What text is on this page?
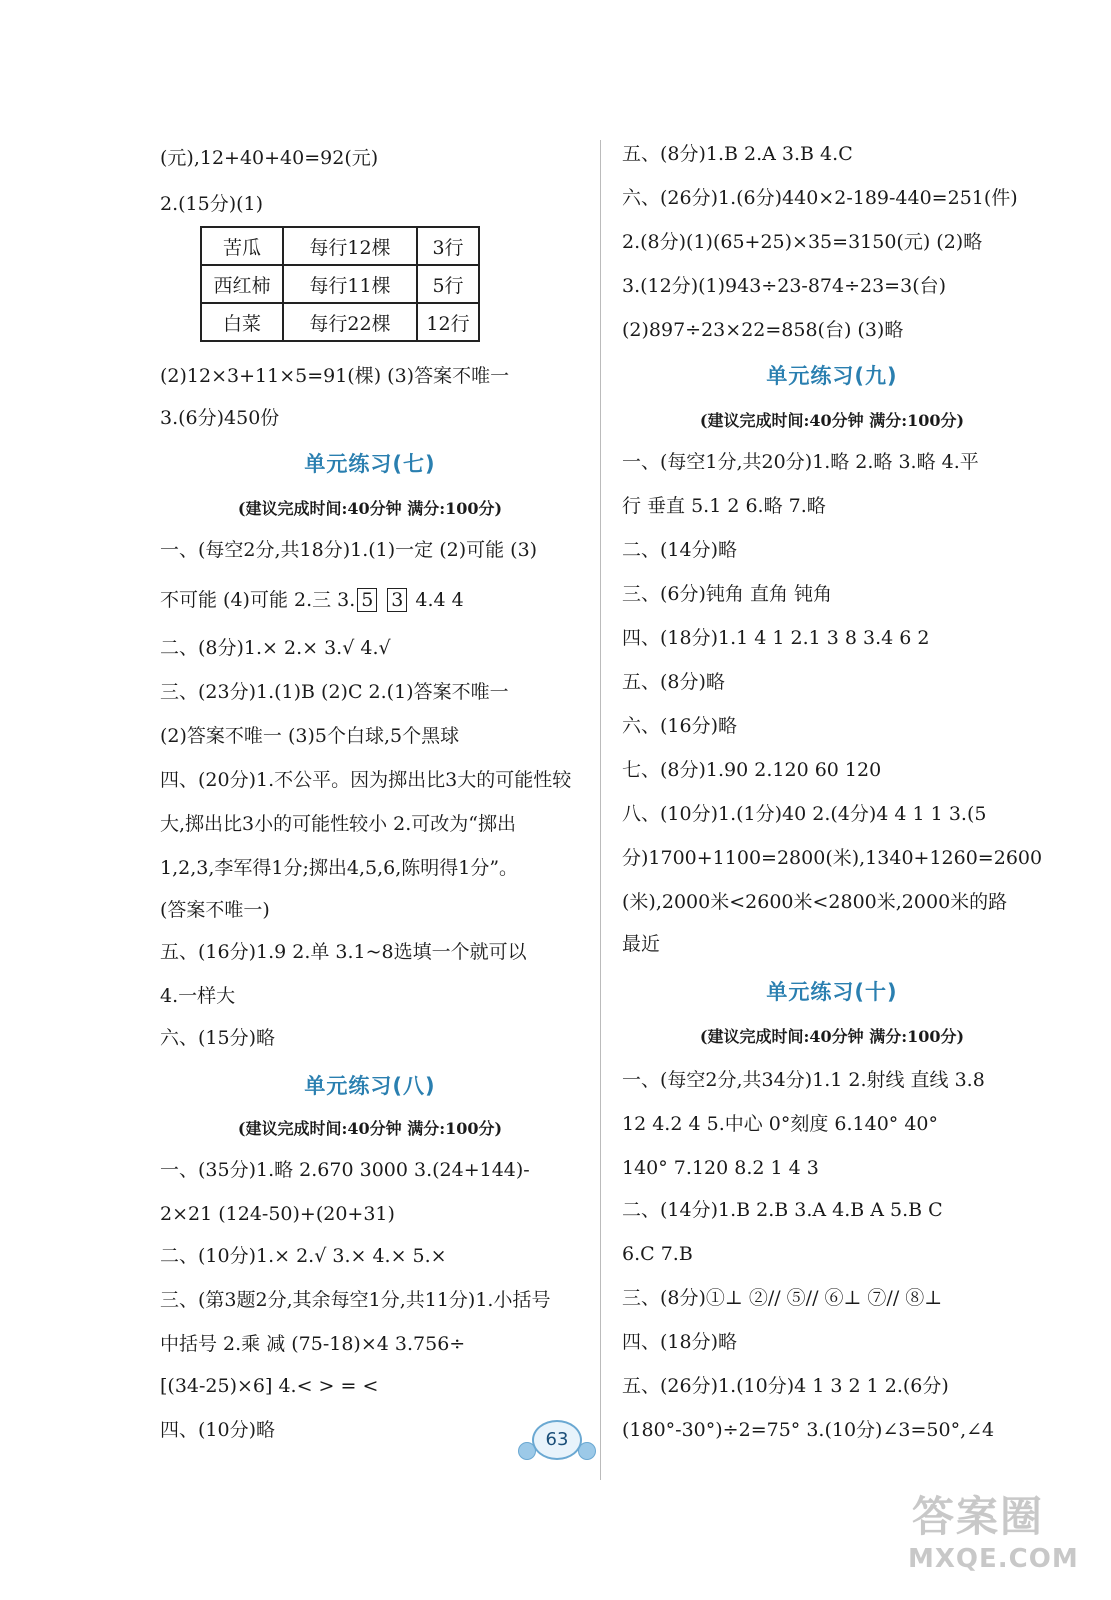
(元),12+40+40=92(元)
2.(15分)(1)
苦瓜	每行12棵	3行
西红柿	每行11棵	5行
白菜	每行22棵	12行
(2)12×3+11×5=91(棵) (3)答案不唯一
3.(6分)450份
单元练习(七)
(建议完成时间:40分钟 满分:100分)
一、(每空2分,共18分)1.(1)一定 (2)可能 (3)
不可能 (4)可能 2.三 3. 5 3 4.4 4
二、(8分)1.× 2.× 3.√ 4.√
三、(23分)1.(1)B (2)C 2.(1)答案不唯一
(2)答案不唯一 (3)5个白球,5个黑球
四、(20分)1.不公平。因为掷出比3大的可能性较
大,掷出比3小的可能性较小 2.可改为“掷出
1,2,3,李军得1分;掷出4,5,6,陈明得1分”。
(答案不唯一)
五、(16分)1.9 2.单 3.1~8选填一个就可以
4.一样大
六、(15分)略
单元练习(八)
(建议完成时间:40分钟 满分:100分)
一、(35分)1.略 2.670 3000 3.(24+144)-
2×21 (124-50)+(20+31)
二、(10分)1.× 2.√ 3.× 4.× 5.×
三、(第3题2分,其余每空1分,共11分)1.小括号
中括号 2.乘 减 (75-18)×4 3.756÷
[(34-25)×6] 4.< > = <
四、(10分)略
五、(8分)1.B 2.A 3.B 4.C
六、(26分)1.(6分)440×2-189-440=251(件)
2.(8分)(1)(65+25)×35=3150(元) (2)略
3.(12分)(1)943÷23-874÷23=3(台)
(2)897÷23×22=858(台) (3)略
单元练习(九)
(建议完成时间:40分钟 满分:100分)
一、(每空1分,共20分)1.略 2.略 3.略 4.平
行 垂直 5.1 2 6.略 7.略
二、(14分)略
三、(6分)钝角 直角 钝角
四、(18分)1.1 4 1 2.1 3 8 3.4 6 2
五、(8分)略
六、(16分)略
七、(8分)1.90 2.120 60 120
八、(10分)1.(1分)40 2.(4分)4 4 1 1 3.(5
分)1700+1100=2800(米),1340+1260=2600
(米),2000米<2600米<2800米,2000米的路
最近
单元练习(十)
(建议完成时间:40分钟 满分:100分)
一、(每空2分,共34分)1.1 2.射线 直线 3.8
12 4.2 4 5.中心 0°刻度 6.140° 40°
140° 7.120 8.2 1 4 3
二、(14分)1.B 2.B 3.A 4.B A 5.B C
6.C 7.B
三、(8分)①⊥ ②// ⑤// ⑥⊥ ⑦// ⑧⊥
四、(18分)略
五、(26分)1.(10分)4 1 3 2 1 2.(6分)
(180°-30°)÷2=75° 3.(10分)∠3=50°,∠4
63
答案圈
MXQE.COM
